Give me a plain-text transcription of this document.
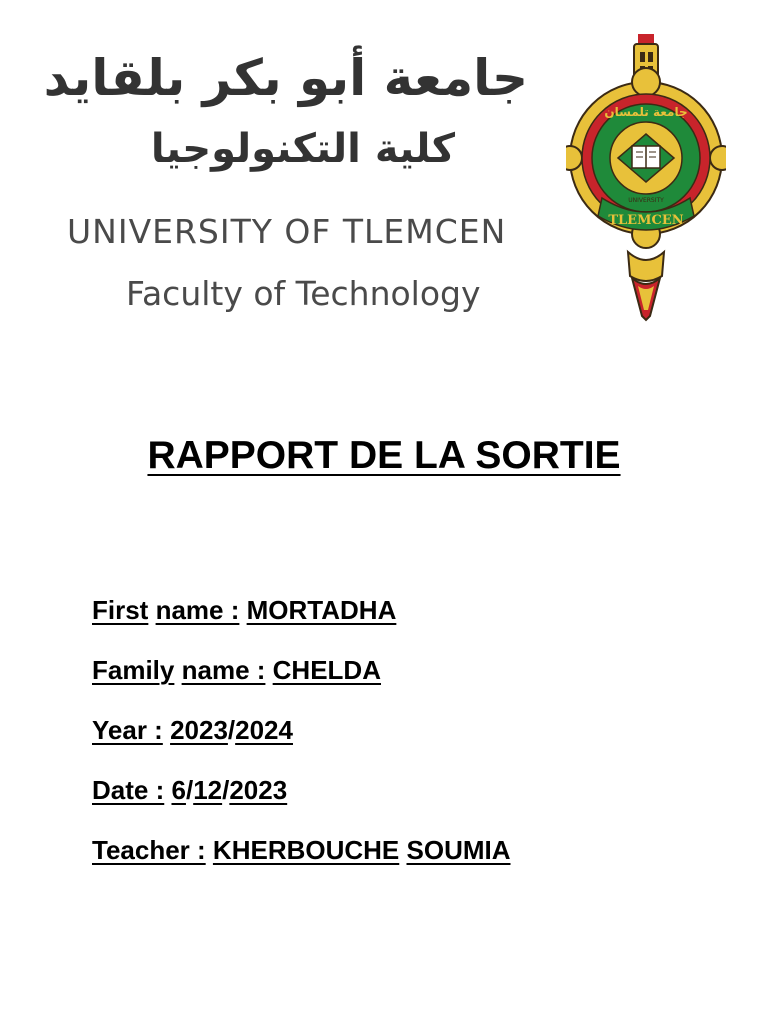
جامعة أبو بكر بلقايد
كلية التكنولوجيا
UNIVERSITY OF TLEMCEN
Faculty of Technology
جامعة تلمسان
UNIVERSITY
TLEMCEN
RAPPORT DE LA SORTIE
First name : MORTADHA
Family name : CHELDA
Year : 2023/2024
Date : 6/12/2023
Teacher : KHERBOUCHE SOUMIA
